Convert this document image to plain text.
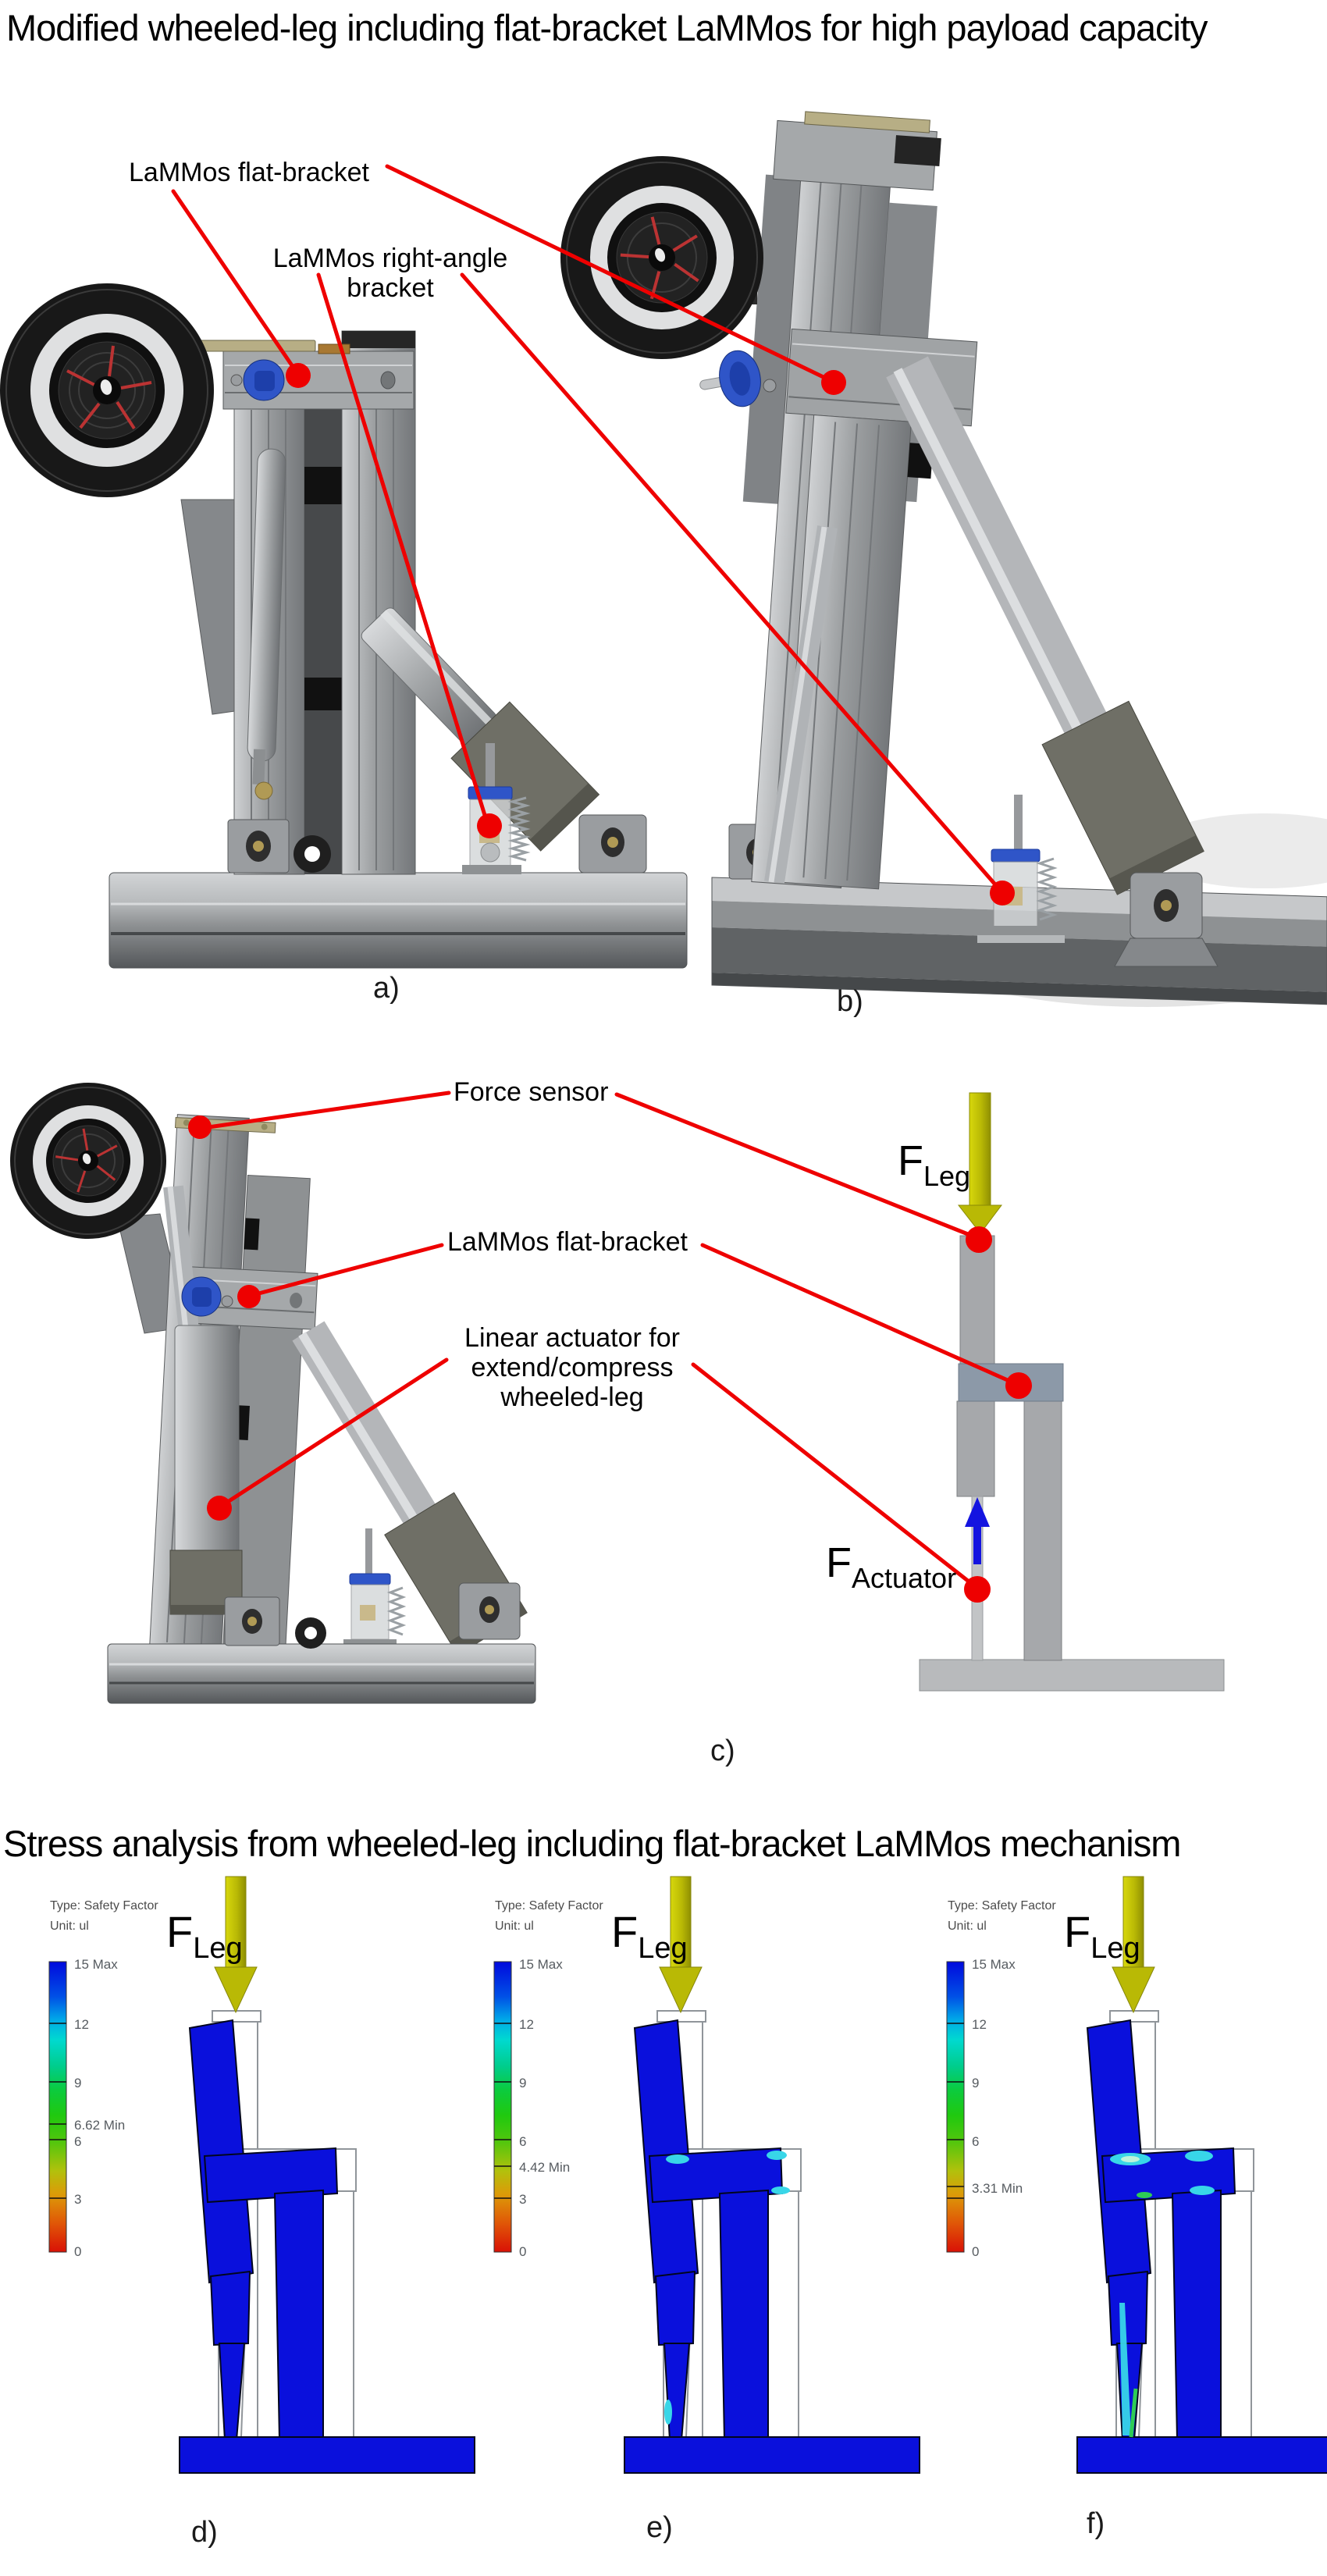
Modified wheeled-leg including flat-bracket LaMMos for high payload capacity
Stress analysis from wheeled-leg including flat-bracket LaMMos mechanism
LaMMos flat-bracket
LaMMos right-angle
bracket
a)	b)
Force sensor
LaMMos flat-bracket
Linear actuator for
extend/compress
wheeled-leg
FLeg
FActuator
c)
Type: Safety Factor
Unit: ul
15 Max
12
9
6.62 Min
6
3
0
Type: Safety Factor
Unit: ul
15 Max
12
9
6
4.42 Min
3
0
Type: Safety Factor
Unit: ul
15 Max
12
9
6
3.31 Min
0
FLeg	FLeg	FLeg
d)	e)	f)
